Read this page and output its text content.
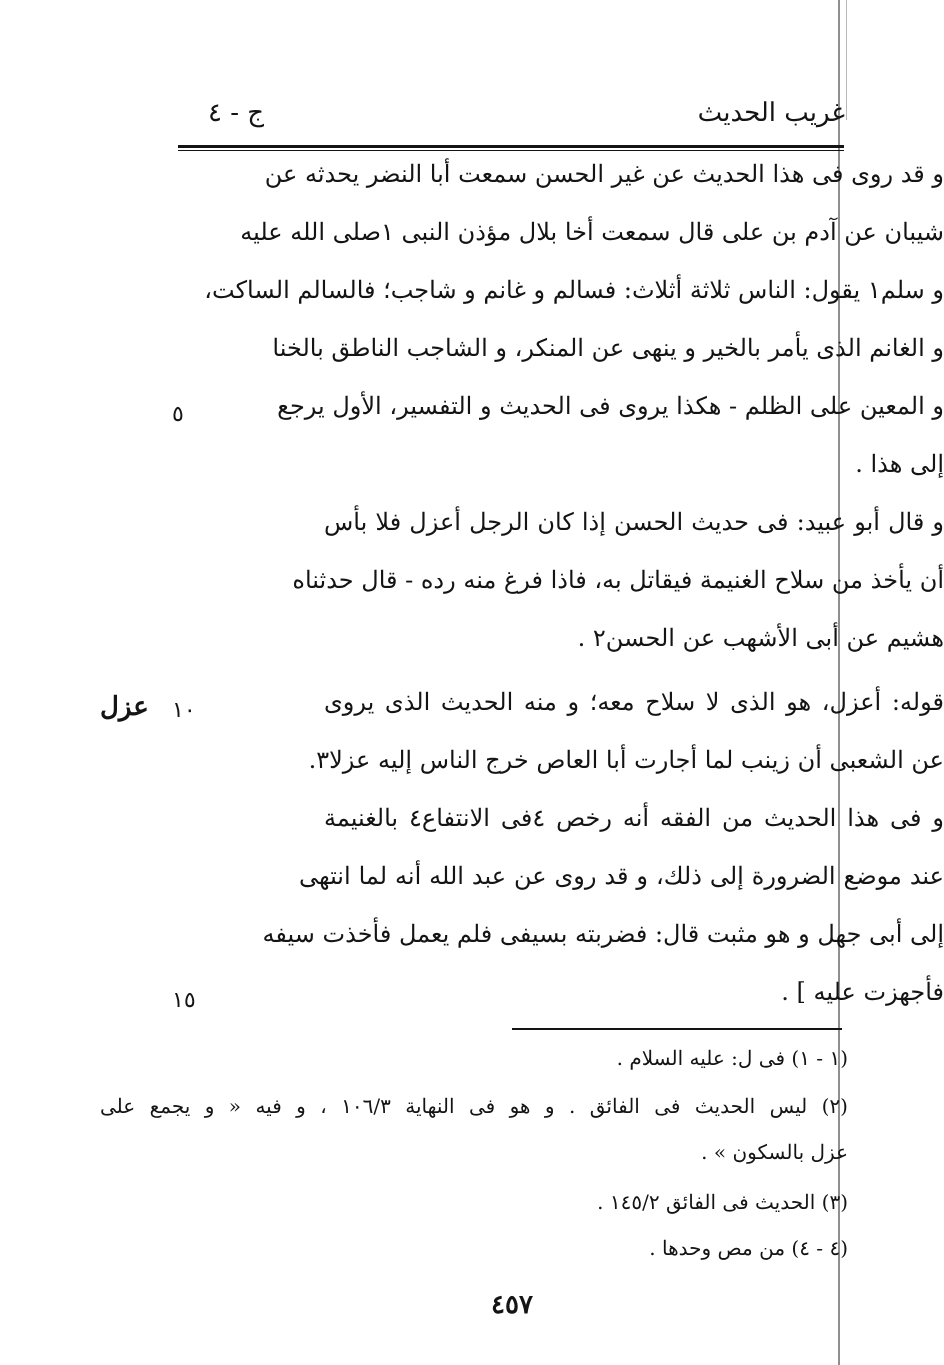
غريب الحديث
ج - ٤
و قد روى فى هذا الحديث عن غير الحسن سمعت أبا النضر يحدثه عن
شيبان عن آدم بن على قال سمعت أخا بلال مؤذن النبى ١صلى الله عليه
و سلم١ يقول: الناس ثلاثة أثلاث: فسالم و غانم و شاجب؛ فالسالم الساكت،
و الغانم الذى يأمر بالخير و ينهى عن المنكر، و الشاجب الناطق بالخنا
و المعين على الظلم - هكذا يروى فى الحديث و التفسير، الأول يرجع
إلى هذا .
و قال أبو عبيد: فى حديث الحسن إذا كان الرجل أعزل فلا بأس
أن يأخذ من سلاح الغنيمة فيقاتل به، فاذا فرغ منه رده - قال حدثناه
هشيم عن أبى الأشهب عن الحسن٢ .
قوله: أعزل، هو الذى لا سلاح معه؛ و منه الحديث الذى يروى
عن الشعبى أن زينب لما أجارت أبا العاص خرج الناس إليه عزلا٣.
و فى هذا الحديث من الفقه أنه رخص ٤فى الانتفاع٤ بالغنيمة
عند موضع الضرورة إلى ذلك، و قد روى عن عبد الله أنه لما انتهى
إلى أبى جهل و هو مثبت قال: فضربته بسيفى فلم يعمل فأخذت سيفه
فأجهزت عليه ] .
٥
١٠
١٥
عزل
(١ - ١) فى ل: عليه السلام .
(٢) ليس الحديث فى الفائق . و هو فى النهاية ١٠٦/٣ ، و فيه « و يجمع على
عزل بالسكون » .
(٣) الحديث فى الفائق ١٤٥/٢ .
(٤ - ٤) من مص وحدها .
٤٥٧
